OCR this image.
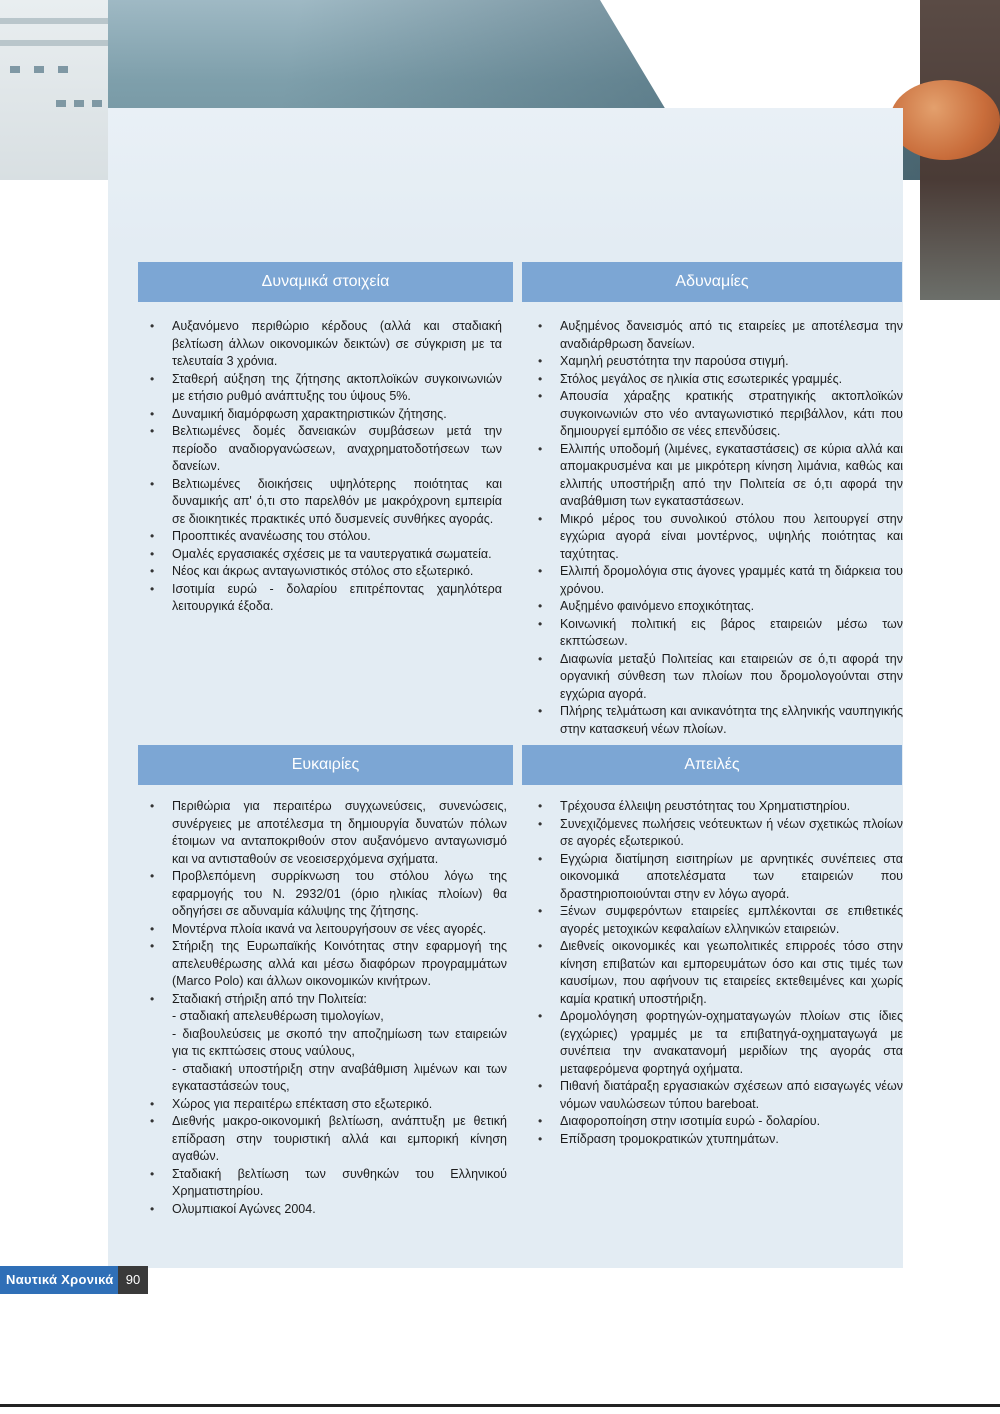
Δυναμικά στοιχεία	Αδυναμίες
• Αυξανόμενο περιθώριο κέρδους (αλλά και σταδιακή βελτίωση άλλων οικονομικών δεικτών) σε σύγκριση με τα τελευταία 3 χρόνια.
• Σταθερή αύξηση της ζήτησης ακτοπλοϊκών συγκοινωνιών με ετήσιο ρυθμό ανάπτυξης του ύψους 5%.
• Δυναμική διαμόρφωση χαρακτηριστικών ζήτησης.
• Βελτιωμένες δομές δανειακών συμβάσεων μετά την περίοδο αναδιοργανώσεων, αναχρηματοδοτήσεων των δανείων.
• Βελτιωμένες διοικήσεις υψηλότερης ποιότητας και δυναμικής απ' ό,τι στο παρελθόν με μακρόχρονη εμπειρία σε διοικητικές πρακτικές υπό δυσμενείς συνθήκες αγοράς.
• Προοπτικές ανανέωσης του στόλου.
• Ομαλές εργασιακές σχέσεις με τα ναυτεργατικά σωματεία.
• Νέος και άκρως ανταγωνιστικός στόλος στο εξωτερικό.
• Ισοτιμία ευρώ - δολαρίου επιτρέποντας χαμηλότερα λειτουργικά έξοδα.
• Αυξημένος δανεισμός από τις εταιρείες με αποτέλεσμα την αναδιάρθρωση δανείων.
• Χαμηλή ρευστότητα την παρούσα στιγμή.
• Στόλος μεγάλος σε ηλικία στις εσωτερικές γραμμές.
• Απουσία χάραξης κρατικής στρατηγικής ακτοπλοϊκών συγκοινωνιών στο νέο ανταγωνιστικό περιβάλλον, κάτι που δημιουργεί εμπόδιο σε νέες επενδύσεις.
• Ελλιπής υποδομή (λιμένες, εγκαταστάσεις) σε κύρια αλλά και απομακρυσμένα και με μικρότερη κίνηση λιμάνια, καθώς και ελλιπής υποστήριξη από την Πολιτεία σε ό,τι αφορά την αναβάθμιση των εγκαταστάσεων.
• Μικρό μέρος του συνολικού στόλου που λειτουργεί στην εγχώρια αγορά είναι μοντέρνος, υψηλής ποιότητας και ταχύτητας.
• Ελλιπή δρομολόγια στις άγονες γραμμές κατά τη διάρκεια του χρόνου.
• Αυξημένο φαινόμενο εποχικότητας.
• Κοινωνική πολιτική εις βάρος εταιρειών μέσω των εκπτώσεων.
• Διαφωνία μεταξύ Πολιτείας και εταιρειών σε ό,τι αφορά την οργανική σύνθεση των πλοίων που δρομολογούνται στην εγχώρια αγορά.
• Πλήρης τελμάτωση και ανικανότητα της ελληνικής ναυπηγικής στην κατασκευή νέων πλοίων.
Ευκαιρίες	Απειλές
• Περιθώρια για περαιτέρω συγχωνεύσεις, συνενώσεις, συνέργειες με αποτέλεσμα τη δημιουργία δυνατών πόλων έτοιμων να ανταποκριθούν στον αυξανόμενο ανταγωνισμό και να αντισταθούν σε νεοεισερχόμενα σχήματα.
• Προβλεπόμενη συρρίκνωση του στόλου λόγω της εφαρμογής του Ν. 2932/01 (όριο ηλικίας πλοίων) θα οδηγήσει σε αδυναμία κάλυψης της ζήτησης.
• Μοντέρνα πλοία ικανά να λειτουργήσουν σε νέες αγορές.
• Στήριξη της Ευρωπαϊκής Κοινότητας στην εφαρμογή της απελευθέρωσης αλλά και μέσω διαφόρων προγραμμάτων (Marco Polo) και άλλων οικονομικών κινήτρων.
• Σταδιακή στήριξη από την Πολιτεία:
- σταδιακή απελευθέρωση τιμολογίων,
- διαβουλεύσεις με σκοπό την αποζημίωση των εταιρειών για τις εκπτώσεις στους ναύλους,
- σταδιακή υποστήριξη στην αναβάθμιση λιμένων και των εγκαταστάσεών τους,
• Χώρος για περαιτέρω επέκταση στο εξωτερικό.
• Διεθνής μακρο-οικονομική βελτίωση, ανάπτυξη με θετική επίδραση στην τουριστική αλλά και εμπορική κίνηση αγαθών.
• Σταδιακή βελτίωση των συνθηκών του Ελληνικού Χρηματιστηρίου.
• Ολυμπιακοί Αγώνες 2004.
• Τρέχουσα έλλειψη ρευστότητας του Χρηματιστηρίου.
• Συνεχιζόμενες πωλήσεις νεότευκτων ή νέων σχετικώς πλοίων σε αγορές εξωτερικού.
• Εγχώρια διατίμηση εισιτηρίων με αρνητικές συνέπειες στα οικονομικά αποτελέσματα των εταιρειών που δραστηριοποιούνται στην εν λόγω αγορά.
• Ξένων συμφερόντων εταιρείες εμπλέκονται σε επιθετικές αγορές μετοχικών κεφαλαίων ελληνικών εταιρειών.
• Διεθνείς οικονομικές και γεωπολιτικές επιρροές τόσο στην κίνηση επιβατών και εμπορευμάτων όσο και στις τιμές των καυσίμων, που αφήνουν τις εταιρείες εκτεθειμένες και χωρίς καμία κρατική υποστήριξη.
• Δρομολόγηση φορτηγών-οχηματαγωγών πλοίων στις ίδιες (εγχώριες) γραμμές με τα επιβατηγά-οχηματαγωγά με συνέπεια την ανακατανομή μεριδίων της αγοράς στα μεταφερόμενα φορτηγά οχήματα.
• Πιθανή διατάραξη εργασιακών σχέσεων από εισαγωγές νέων νόμων ναυλώσεων τύπου bareboat.
• Διαφοροποίηση στην ισοτιμία ευρώ - δολαρίου.
• Επίδραση τρομοκρατικών χτυπημάτων.
Ναυτικά Χρονικά 90
